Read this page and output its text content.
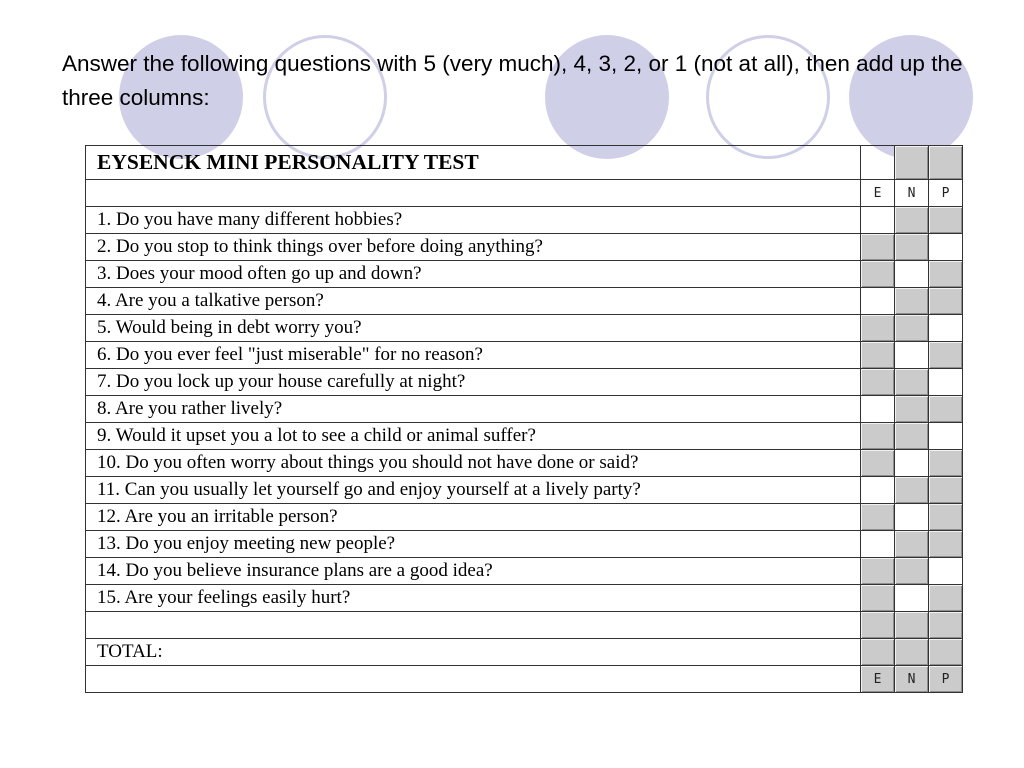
Answer the following questions with 5 (very much), 4, 3, 2, or 1 (not at all), then add up the three columns:
EYSENCK MINI PERSONALITY TEST			
	E	N	P
1. Do you have many different hobbies?			
2. Do you stop to think things over before doing anything?			
3. Does your mood often go up and down?			
4. Are you a talkative person?			
5. Would being in debt worry you?			
6. Do you ever feel "just miserable" for no reason?			
7. Do you lock up your house carefully at night?			
8. Are you rather lively?			
9. Would it upset you a lot to see a child or animal suffer?			
10. Do you often worry about things you should not have done or said?			
11. Can you usually let yourself go and enjoy yourself at a lively party?			
12. Are you an irritable person?			
13. Do you enjoy meeting new people?			
14. Do you believe insurance plans are a good idea?			
15. Are your feelings easily hurt?			

TOTAL:			
	E	N	P
